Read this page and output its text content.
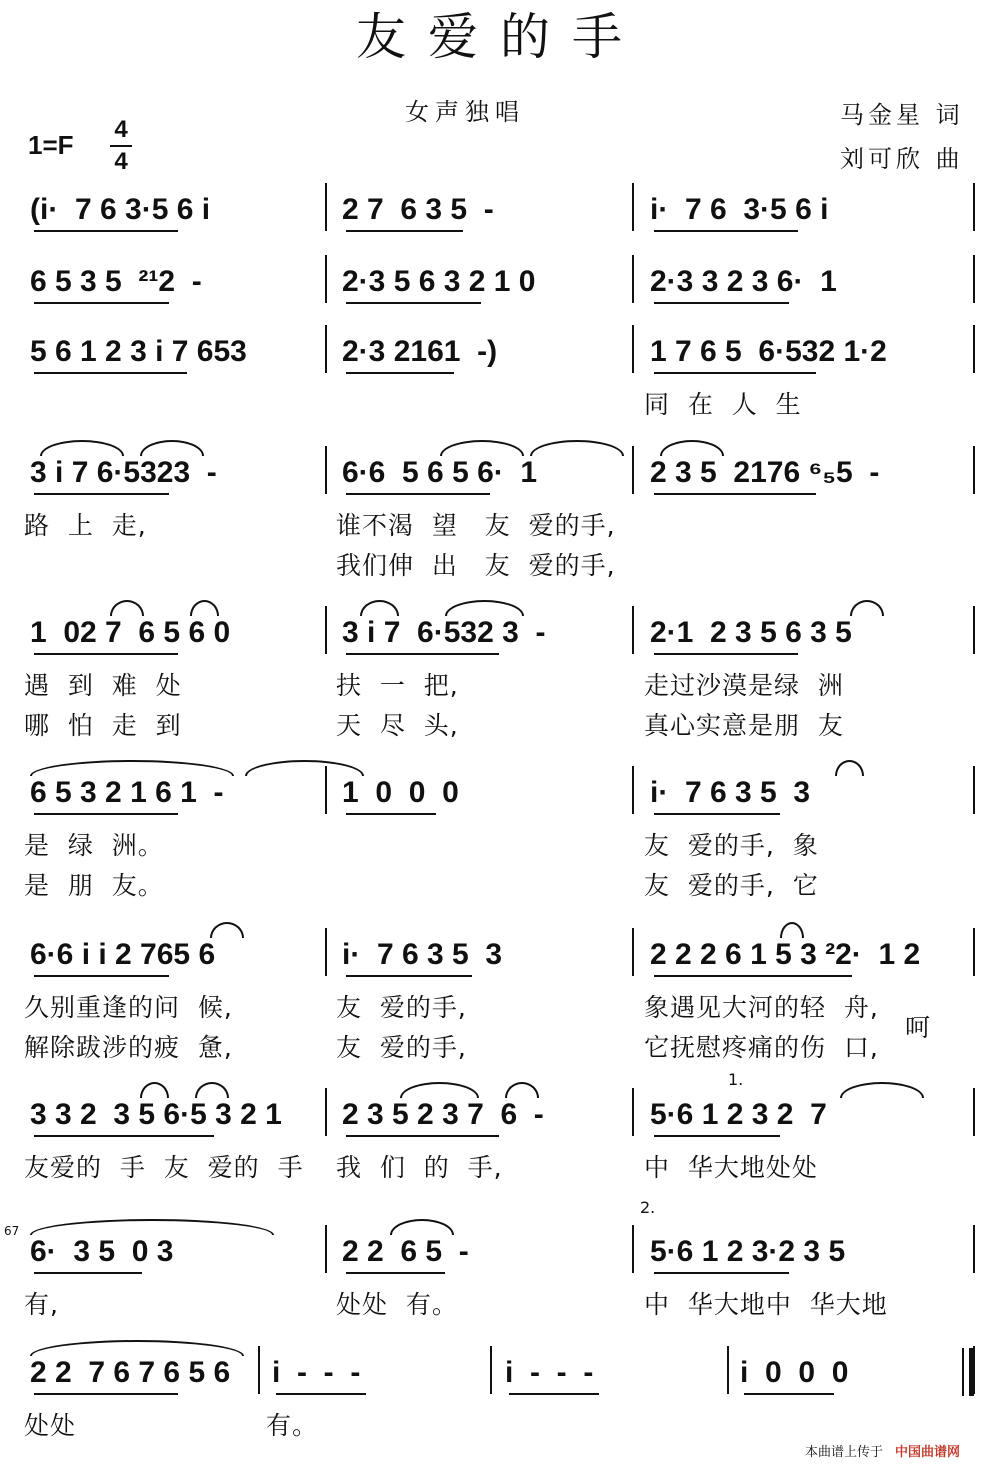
友爱的手
女声独唱	马金星 词
刘可欣 曲
1=F
4
4
(i·  7 6 3·5 6 i	2 7  6 3 5  -	i·  7 6  3·5 6 i
6 5 3 5  ²¹2  -	2·3 5 6 3 2 1 0	2·3 3 2 3 6·  1
5 6 1 2 3 i 7 653	2·3 2161  -)	1 7 6 5  6·532 1·2
同  在  人  生
3 i 7 6·5323  -	6·6  5 6 5 6·  1	2 3 5  2176 ⁶₅5  -
路  上  走,	谁不渴  望   友  爱的手,
我们伸  出   友  爱的手,
1  02 7  6 5 6 0	3 i 7  6·532 3  -	2·1  2 3 5 6 3 5
遇  到  难  处	扶  一  把,	走过沙漠是绿  洲
哪  怕  走  到	天  尽  头,	真心实意是朋  友
6 5 3 2 1 6 1  -	1  0  0  0	i·  7 6 3 5  3
是  绿  洲。	友  爱的手,  象
是  朋  友。	友  爱的手,  它
6·6 i i 2 765 6	i·  7 6 3 5  3	2 2 2 6 1 5 3 ²2·  1 2
久别重逢的问  候,	友  爱的手,	象遇见大河的轻  舟,
解除跋涉的疲  惫,	友  爱的手,	它抚慰疼痛的伤  口,
3 3 2  3 5 6·5 3 2 1 2 3 5 2 3 7  6  -	5·6 1 2 3 2  7
友爱的  手  友  爱的  手 我  们  的  手,	中  华大地处处
6·  3 5  0 3	2 2  6 5  -	5·6 1 2 3·2 3 5
有,	处处  有。	中  华大地中  华大地
2 2  7 6 7 6 5 6 i  -  -  -	i  -  -  -	i  0  0  0
处处	有。
呵
1.
2.
67
本曲谱上传于 中国曲谱网
